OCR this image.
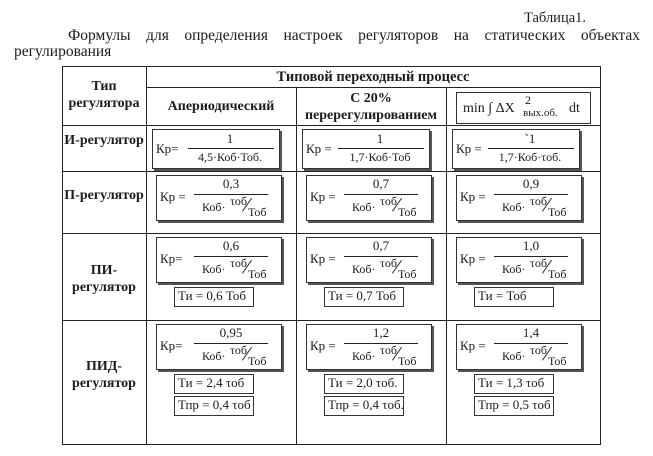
Таблица1.
Формулы для определения настроек регуляторов на статических объектах
регулирования
Тип регулятора
Типовой переходный процесс
Апериодический
С 20% перерегулированием	min ∫ ΔX
2
вых.об. dt
И-регулятор
П-регулятор
ПИ-регулятор
ПИД-регулятор
Кр=
1
4,5·Коб·Тоб.
Кр =
1
1,7·Коб·Тоб
Кр =
`1
1,7·Коб·τоб.
Кр =
0,3
Коб· τоб
Тоб
Кр =
0,7
Коб· τоб
Тоб
Кр =
0,9
Коб· τоб
Тоб
Кр=
0,6
Коб· τоб
Тоб
Ти = 0,6 Тоб
Кр =
0,7
Коб· τоб
Тоб
Ти = 0,7 Тоб
Кр =
1,0
Коб· τоб
Тоб
Ти = Тоб
Кр=
0,95
Коб· τоб
Тоб
Ти = 2,4 τоб
Тпр = 0,4 τоб
Кр =
1,2
Коб· τоб
Тоб
Ти = 2,0 τоб.
Тпр = 0,4 τоб.
Кр =
1,4
Коб· τоб
Тоб
Ти = 1,3 τоб
Тпр = 0,5 τоб
